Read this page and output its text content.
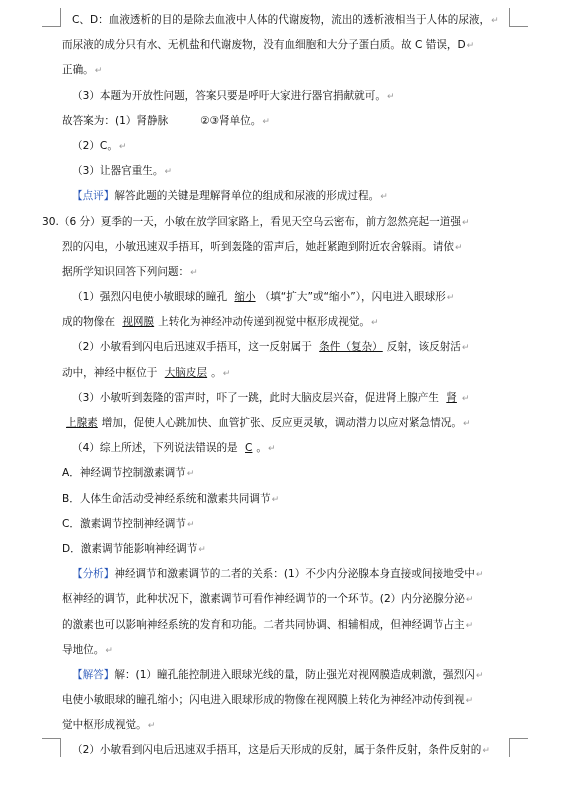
C、D：血液透析的目的是除去血液中人体的代谢废物，流出的透析液相当于人体的尿液，↵
而尿液的成分只有水、无机盐和代谢废物，没有血细胞和大分子蛋白质。故 C 错误，D↵
正确。↵
（3）本题为开放性问题，答案只要是呼吁大家进行器官捐献就可。↵
故答案为：(1）肾静脉　　　②③肾单位。↵
（2）C。↵
（3）让器官重生。↵
【点评】解答此题的关键是理解肾单位的组成和尿液的形成过程。↵
30.（6 分）夏季的一天，小敏在放学回家路上，看见天空乌云密布，前方忽然亮起一道强↵
烈的闪电，小敏迅速双手捂耳，听到轰隆的雷声后，她赶紧跑到附近农舍躲雨。请依↵
据所学知识回答下列问题：↵
（1）强烈闪电使小敏眼球的瞳孔 缩小 （填“扩大”或“缩小”），闪电进入眼球形↵
成的物像在 视网膜 上转化为神经冲动传递到视觉中枢形成视觉。↵
（2）小敏看到闪电后迅速双手捂耳，这一反射属于 条件（复杂） 反射，该反射活↵
动中，神经中枢位于 大脑皮层 。↵
（3）小敏听到轰隆的雷声时，吓了一跳，此时大脑皮层兴奋，促进肾上腺产生 肾 ↵
上腺素 增加，促使人心跳加快、血管扩张、反应更灵敏，调动潜力以应对紧急情况。↵
（4）综上所述，下列说法错误的是 C 。↵
A．神经调节控制激素调节↵
B．人体生命活动受神经系统和激素共同调节↵
C．激素调节控制神经调节↵
D．激素调节能影响神经调节↵
【分析】神经调节和激素调节的二者的关系：(1）不少内分泌腺本身直接或间接地受中↵
枢神经的调节，此种状况下，激素调节可看作神经调节的一个环节。(2）内分泌腺分泌↵
的激素也可以影响神经系统的发育和功能。二者共同协调、相辅相成，但神经调节占主↵
导地位。↵
【解答】解：(1）瞳孔能控制进入眼球光线的量，防止强光对视网膜造成刺激，强烈闪↵
电使小敏眼球的瞳孔缩小；闪电进入眼球形成的物像在视网膜上转化为神经冲动传到视↵
觉中枢形成视觉。↵
（2）小敏看到闪电后迅速双手捂耳，这是后天形成的反射，属于条件反射，条件反射的↵
